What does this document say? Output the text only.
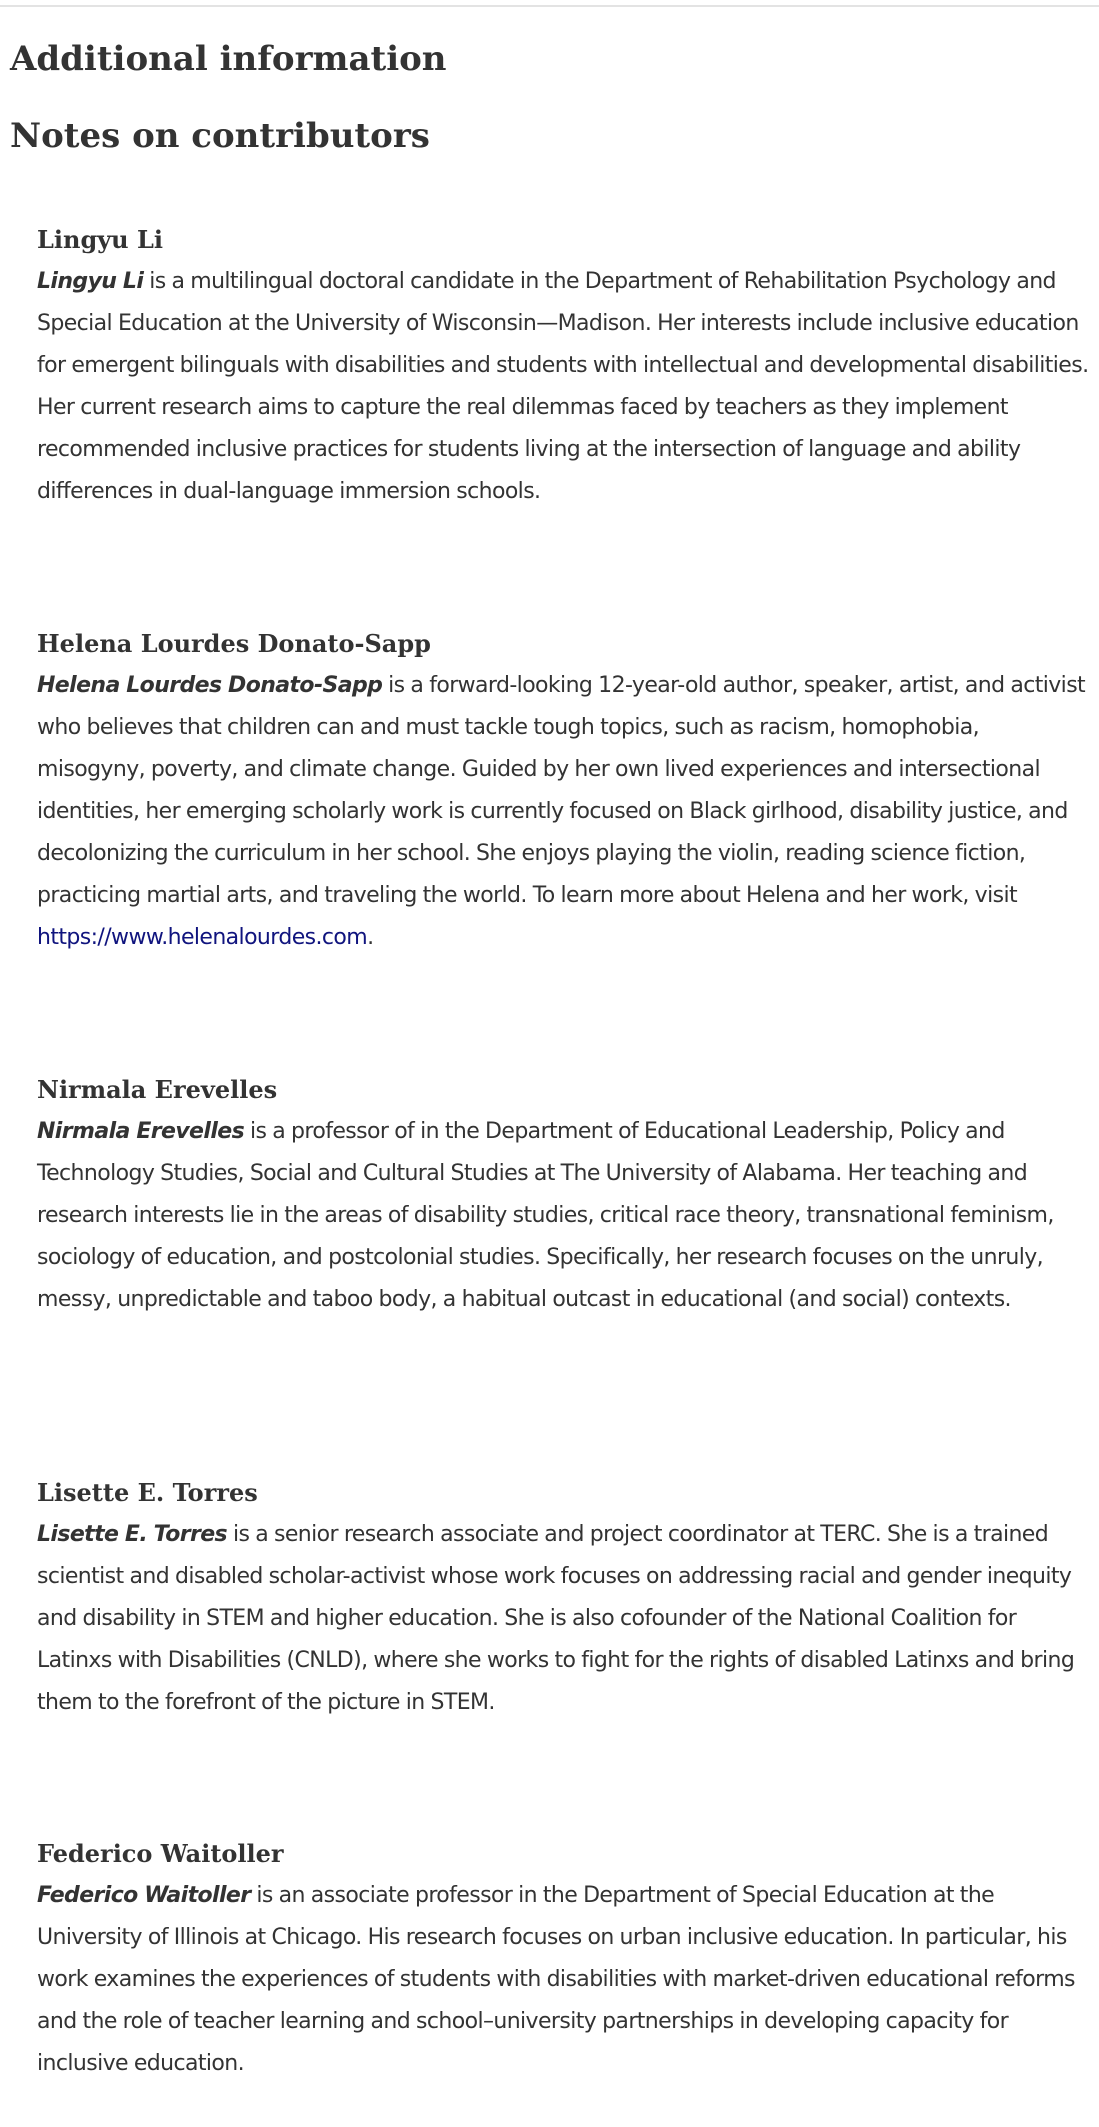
Additional information
Notes on contributors
Lingyu Li

Lingyu Li is a multilingual doctoral candidate in the Department of Rehabilitation Psychology and Special Education at the University of Wisconsin—Madison. Her interests include inclusive education for emergent bilinguals with disabilities and students with intellectual and developmental disabilities. Her current research aims to capture the real dilemmas faced by teachers as they implement recommended inclusive practices for students living at the intersection of language and ability differences in dual-language immersion schools.

Helena Lourdes Donato-Sapp

Helena Lourdes Donato-Sapp is a forward-looking 12-year-old author, speaker, artist, and activist who believes that children can and must tackle tough topics, such as racism, homophobia, misogyny, poverty, and climate change. Guided by her own lived experiences and intersectional identities, her emerging scholarly work is currently focused on Black girlhood, disability justice, and decolonizing the curriculum in her school. She enjoys playing the violin, reading science fiction, practicing martial arts, and traveling the world. To learn more about Helena and her work, visit https://www.helenalourdes.com.

Nirmala Erevelles

Nirmala Erevelles is a professor of in the Department of Educational Leadership, Policy and Technology Studies, Social and Cultural Studies at The University of Alabama. Her teaching and research interests lie in the areas of disability studies, critical race theory, transnational feminism, sociology of education, and postcolonial studies. Specifically, her research focuses on the unruly, messy, unpredictable and taboo body, a habitual outcast in educational (and social) contexts.

Lisette E. Torres

Lisette E. Torres is a senior research associate and project coordinator at TERC. She is a trained scientist and disabled scholar-activist whose work focuses on addressing racial and gender inequity and disability in STEM and higher education. She is also cofounder of the National Coalition for Latinxs with Disabilities (CNLD), where she works to fight for the rights of disabled Latinxs and bring them to the forefront of the picture in STEM.

Federico Waitoller

Federico Waitoller is an associate professor in the Department of Special Education at the University of Illinois at Chicago. His research focuses on urban inclusive education. In particular, his work examines the experiences of students with disabilities with market-driven educational reforms and the role of teacher learning and school–university partnerships in developing capacity for inclusive education.
